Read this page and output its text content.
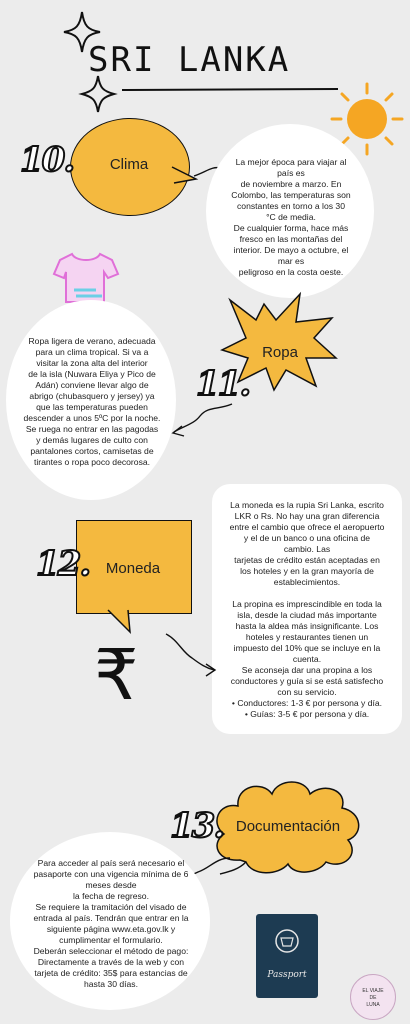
SRI LANKA
Clima
10.	La mejor época para viajar al
país es
de noviembre a marzo. En
Colombo, las temperaturas son
constantes en torno a los 30
°C de media.
De cualquier forma, hace más
fresco en las montañas del
interior. De mayo a octubre, el
mar es
peligroso en la costa oeste.
Ropa ligera de verano, adecuada
para un clima tropical. Si va a
visitar la zona alta del interior
de la isla (Nuwara Eliya y Pico de
Adán) conviene llevar algo de
abrigo (chubasquero y jersey) ya
que las temperaturas pueden
descender a unos 5ºC por la noche.
Se ruega no entrar en las pagodas
y demás lugares de culto con
pantalones cortos, camisetas de
tirantes o ropa poco decorosa.
Ropa
11.
La moneda es la rupia Sri Lanka, escrito
LKR o Rs. No hay una gran diferencia
entre el cambio que ofrece el aeropuerto
y el de un banco o una oficina de
cambio. Las
tarjetas de crédito están aceptadas en
los hoteles y en la gran mayoría de
establecimientos.
La propina es imprescindible en toda la
isla, desde la ciudad más importante
hasta la aldea más insignificante. Los
hoteles y restaurantes tienen un
impuesto del 10% que se incluye en la
cuenta.
Se aconseja dar una propina a los
conductores y guía si se está satisfecho
con su servicio.
• Conductores: 1-3 € por persona y día.
• Guías: 3-5 € por persona y día.
Moneda
12.
₹
Documentación
13.
Para acceder al país será necesario el
pasaporte con una vigencia mínima de 6
meses desde
la fecha de regreso.
Se requiere la tramitación del visado de
entrada al país. Tendrán que entrar en la
siguiente página www.eta.gov.lk y
cumplimentar el formulario.
Deberán seleccionar el método de pago:
Directamente a través de la web y con
tarjeta de crédito: 35$ para estancias de
hasta 30 días.
Passport
EL VIAJE
DE
LUNA
